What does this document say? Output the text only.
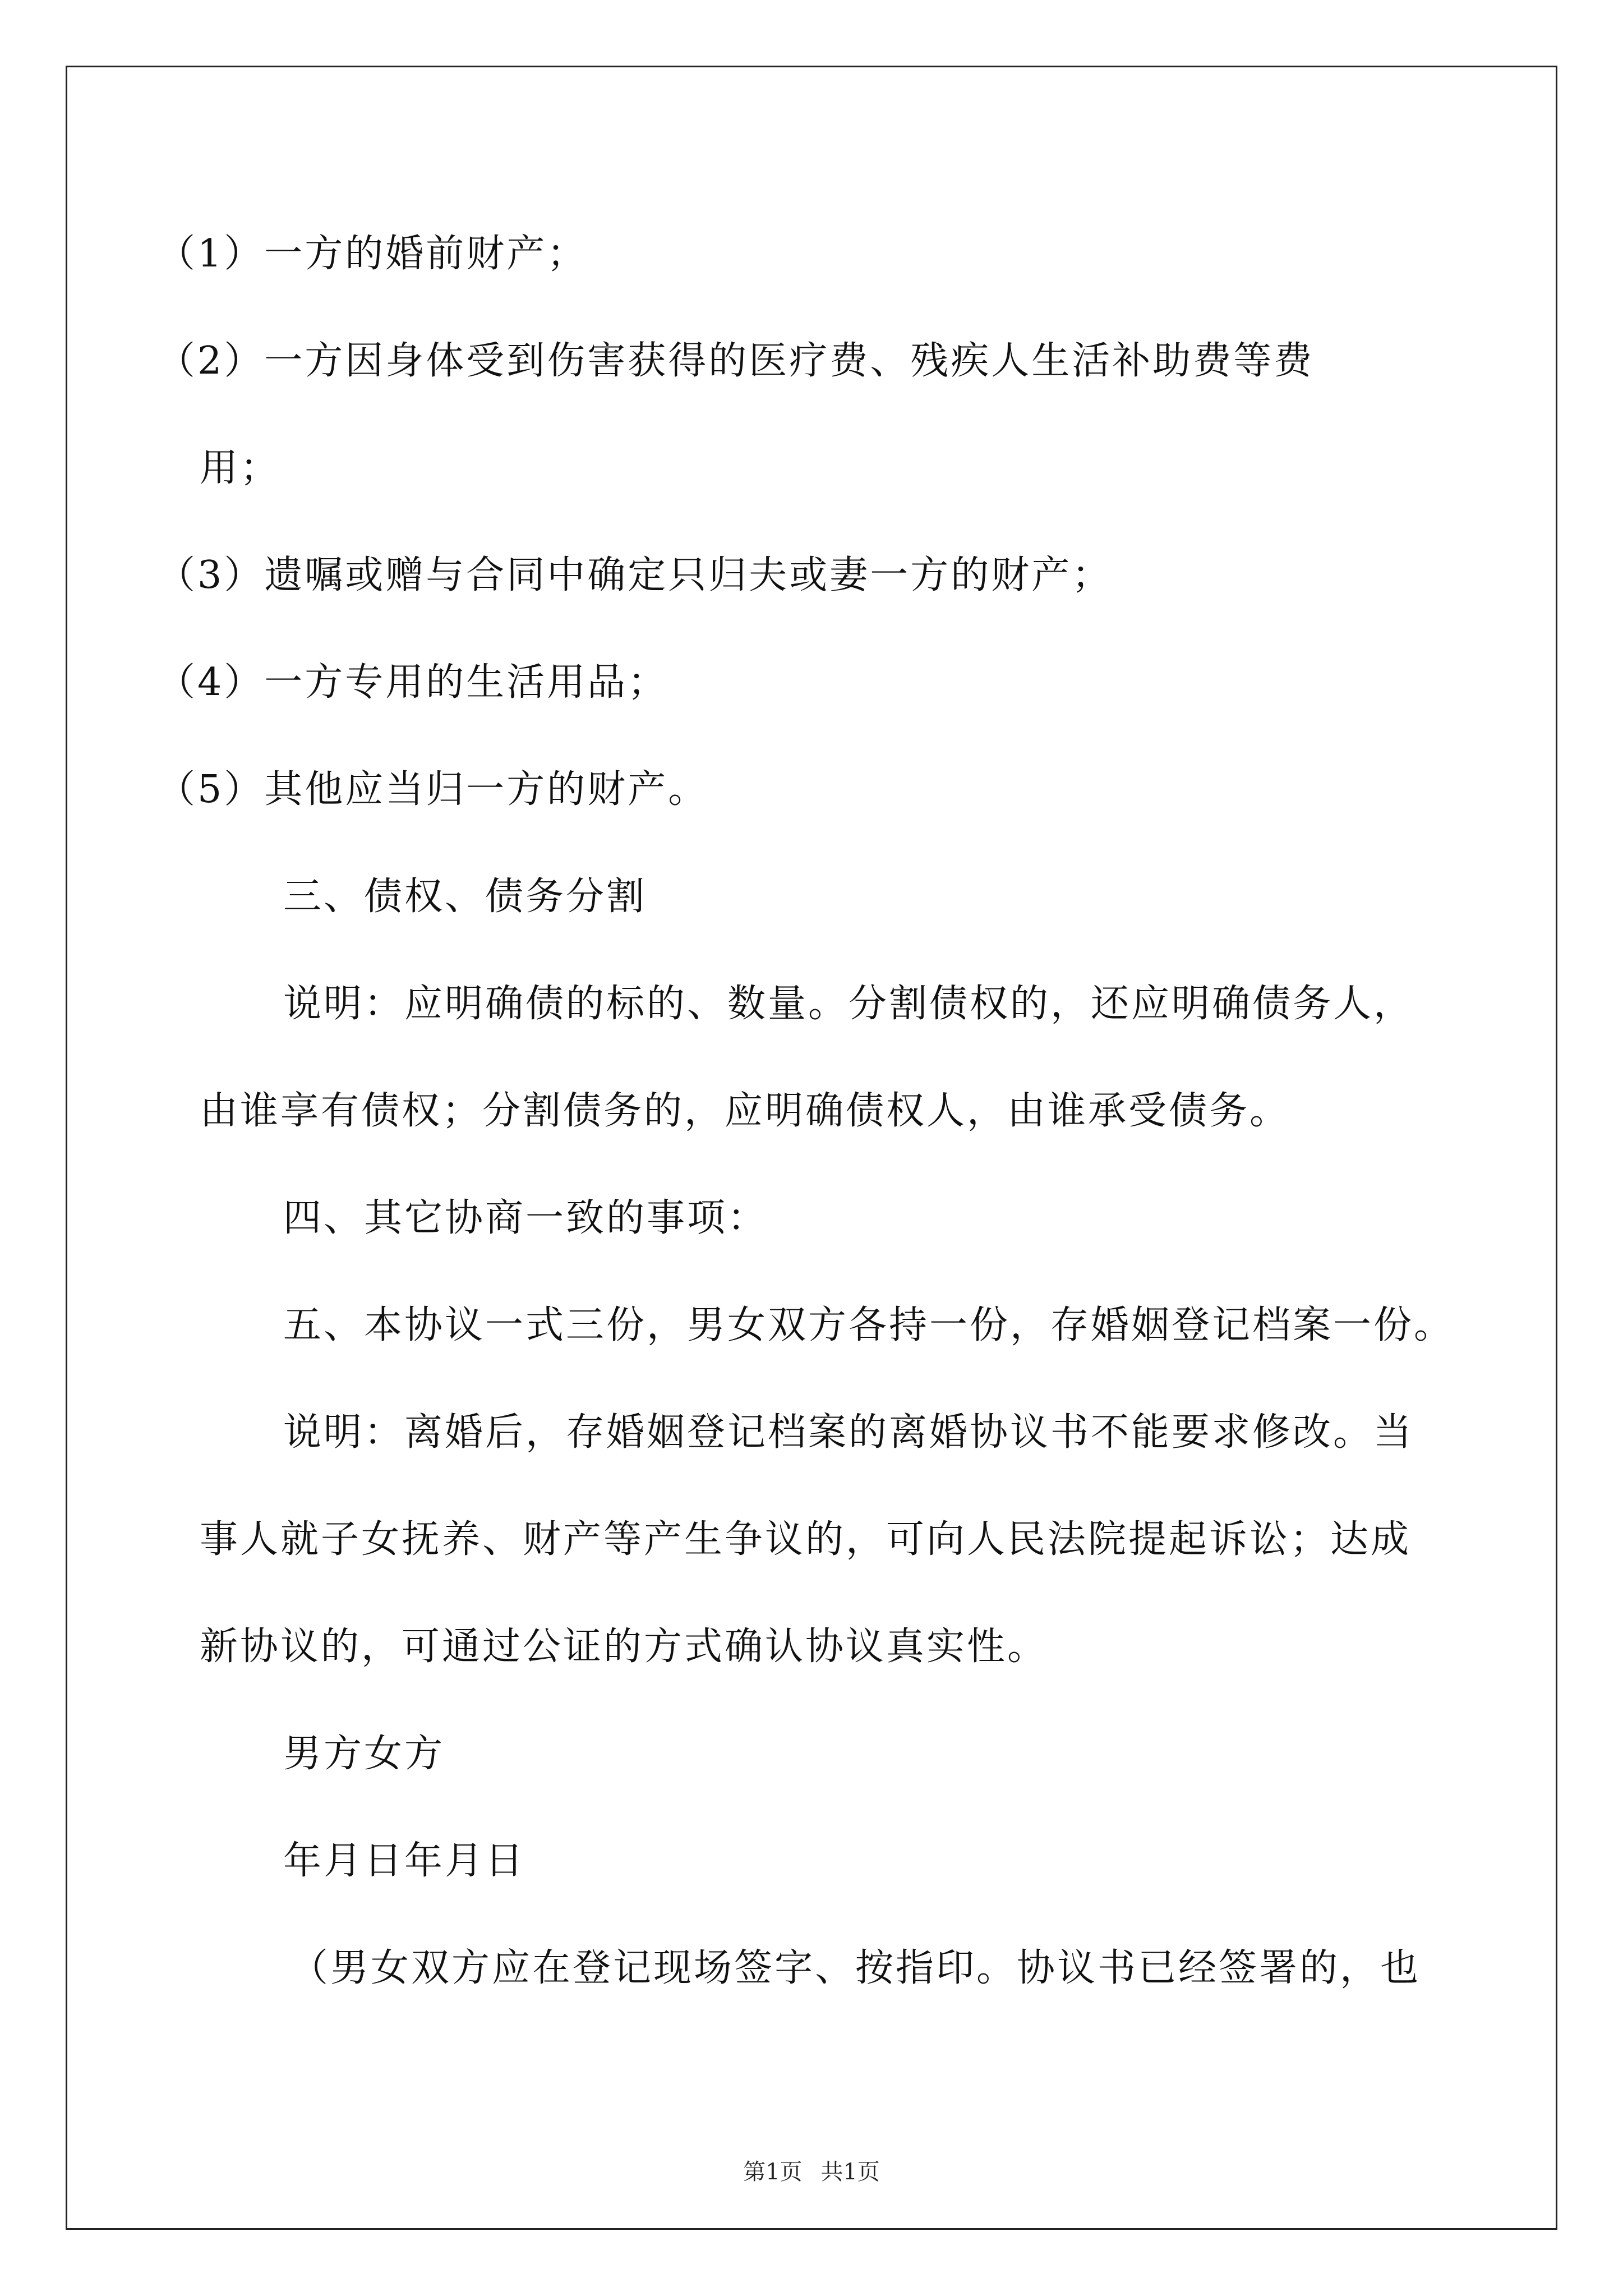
（1）一方的婚前财产；
（2）一方因身体受到伤害获得的医疗费、残疾人生活补助费等费
用；
（3）遗嘱或赠与合同中确定只归夫或妻一方的财产；
（4）一方专用的生活用品；
（5）其他应当归一方的财产。
三、债权、债务分割
说明：应明确债的标的、数量。分割债权的，还应明确债务人，
由谁享有债权；分割债务的，应明确债权人，由谁承受债务。
四、其它协商一致的事项：
五、本协议一式三份，男女双方各持一份，存婚姻登记档案一份。
说明：离婚后，存婚姻登记档案的离婚协议书不能要求修改。当
事人就子女抚养、财产等产生争议的，可向人民法院提起诉讼；达成
新协议的，可通过公证的方式确认协议真实性。
男方女方
年月日年月日
（男女双方应在登记现场签字、按指印。协议书已经签署的，也
第1页 共1页
